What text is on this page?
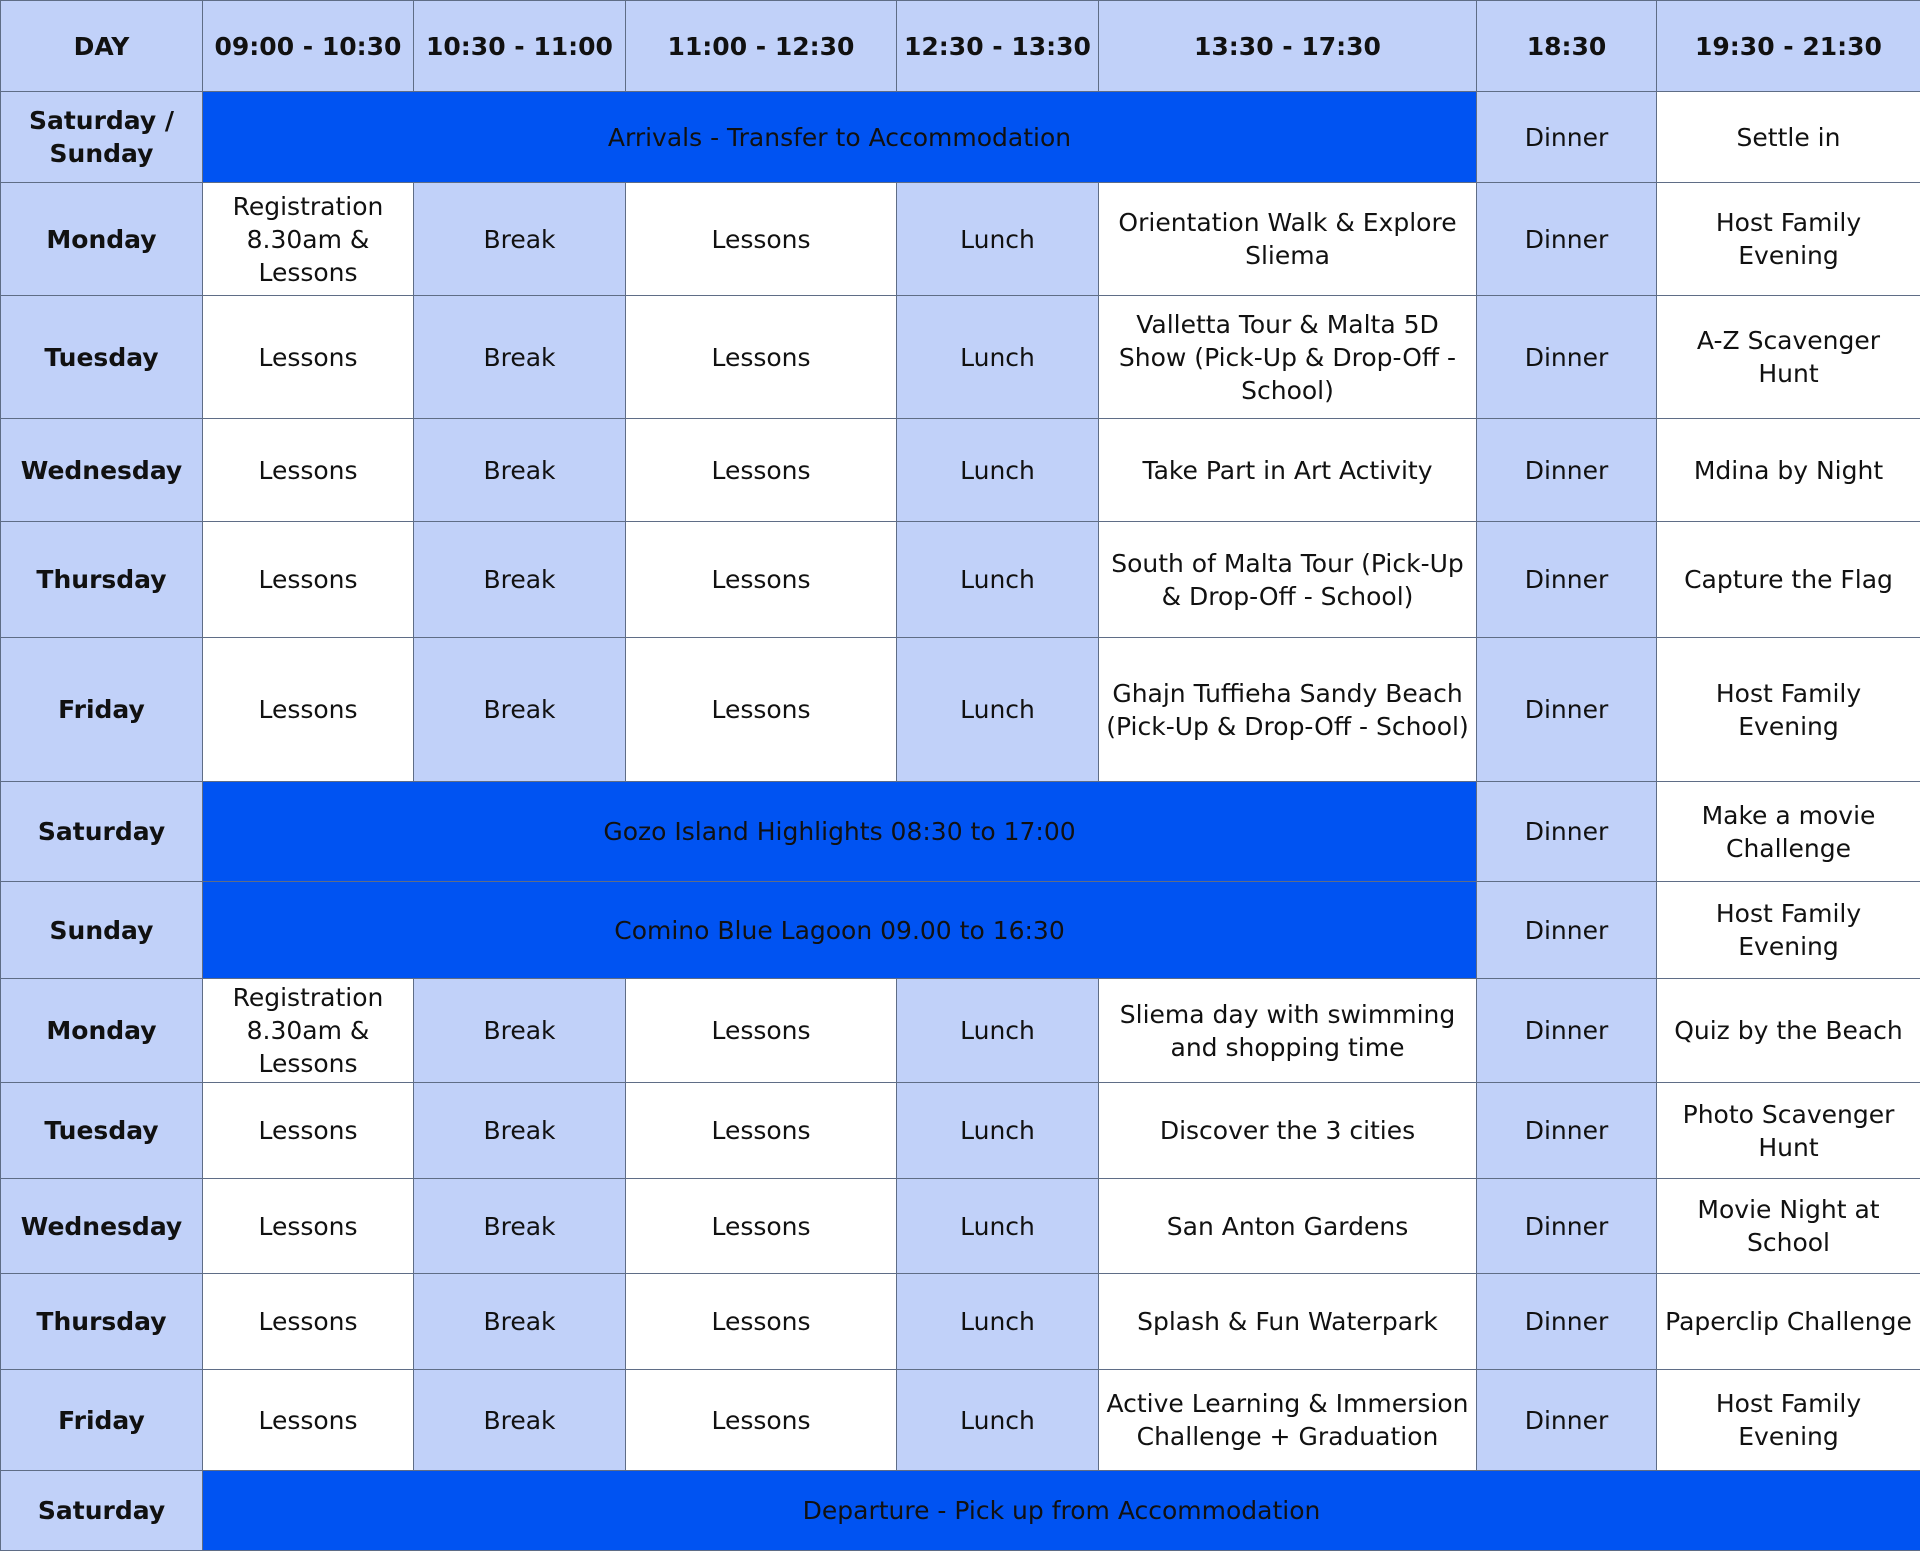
DAY	09:00 - 10:30	10:30 - 11:00	11:00 - 12:30	12:30 - 13:30	13:30 - 17:30	18:30	19:30 - 21:30
Saturday / Sunday	Arrivals - Transfer to Accommodation					Dinner	Settle in
Monday	Registration 8.30am & Lessons	Break	Lessons	Lunch	Orientation Walk & Explore Sliema	Dinner	Host Family Evening
Tuesday	Lessons	Break	Lessons	Lunch	Valletta Tour & Malta 5D Show (Pick-Up & Drop-Off - School)	Dinner	A-Z Scavenger Hunt
Wednesday	Lessons	Break	Lessons	Lunch	Take Part in Art Activity	Dinner	Mdina by Night
Thursday	Lessons	Break	Lessons	Lunch	South of Malta Tour (Pick-Up & Drop-Off - School)	Dinner	Capture the Flag
Friday	Lessons	Break	Lessons	Lunch	Ghajn Tuffieha Sandy Beach (Pick-Up & Drop-Off - School)	Dinner	Host Family Evening
Saturday	Gozo Island Highlights 08:30 to 17:00					Dinner	Make a movie Challenge
Sunday	Comino Blue Lagoon 09.00 to 16:30					Dinner	Host Family Evening
Monday	Registration 8.30am & Lessons	Break	Lessons	Lunch	Sliema day with swimming and shopping time	Dinner	Quiz by the Beach
Tuesday	Lessons	Break	Lessons	Lunch	Discover the 3 cities	Dinner	Photo Scavenger Hunt
Wednesday	Lessons	Break	Lessons	Lunch	San Anton Gardens	Dinner	Movie Night at School
Thursday	Lessons	Break	Lessons	Lunch	Splash & Fun Waterpark	Dinner	Paperclip Challenge
Friday	Lessons	Break	Lessons	Lunch	Active Learning & Immersion Challenge + Graduation	Dinner	Host Family Evening
Saturday	Departure - Pick up from Accommodation						
